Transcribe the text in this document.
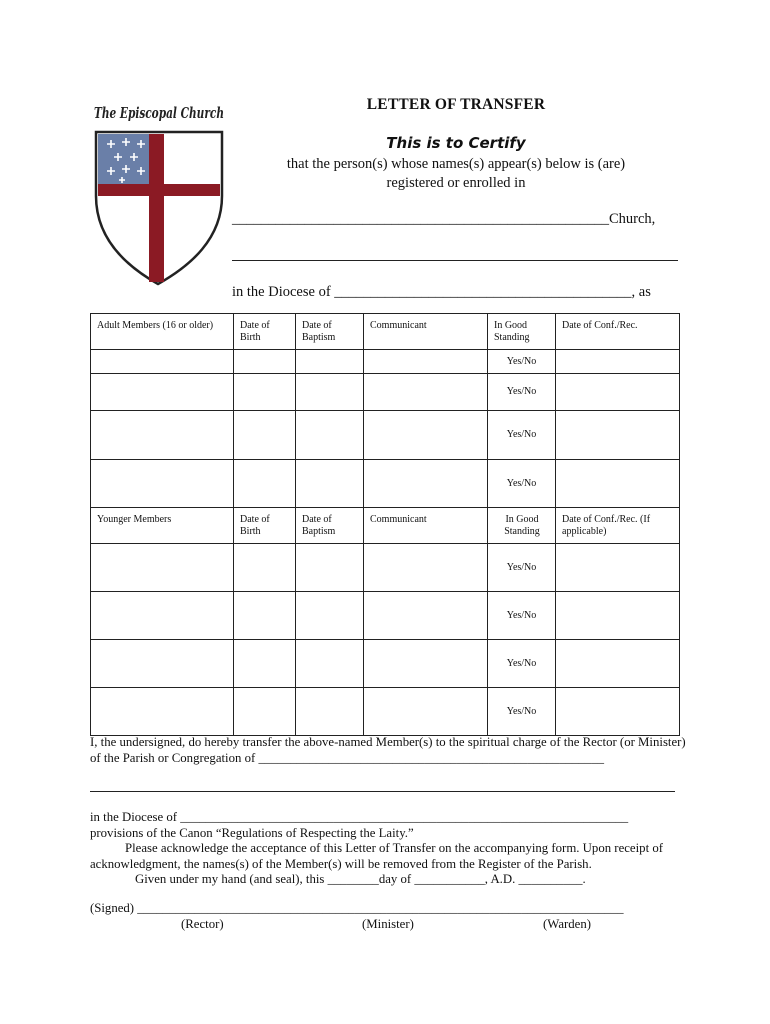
The Episcopal Church
LETTER OF TRANSFER
This is to Certify
that the person(s) whose names(s) appear(s) below is (are)
registered or enrolled in
____________________________________________________Church,
in the Diocese of _________________________________________, as
Adult Members (16 or older)	Date of Birth	Date of Baptism	Communicant	In Good Standing	Date of Conf./Rec.
				Yes/No	
				Yes/No	
				Yes/No	
				Yes/No	
Younger Members	Date of Birth	Date of Baptism	Communicant	In Good Standing	Date of Conf./Rec. (If applicable)
				Yes/No	
				Yes/No	
				Yes/No	
				Yes/No	
I, the undersigned, do hereby transfer the above-named Member(s) to the spiritual charge of the Rector (or Minister)
of the Parish or Congregation of ______________________________________________________
in the Diocese of ______________________________________________________________________
provisions of the Canon “Regulations of Respecting the Laity.”
Please acknowledge the acceptance of this Letter of Transfer on the accompanying form. Upon receipt of
acknowledgment, the names(s) of the Member(s) will be removed from the Register of the Parish.
Given under my hand (and seal), this ________day of ___________, A.D. __________.
(Signed) ____________________________________________________________________________
(Rector)	(Minister)	(Warden)
